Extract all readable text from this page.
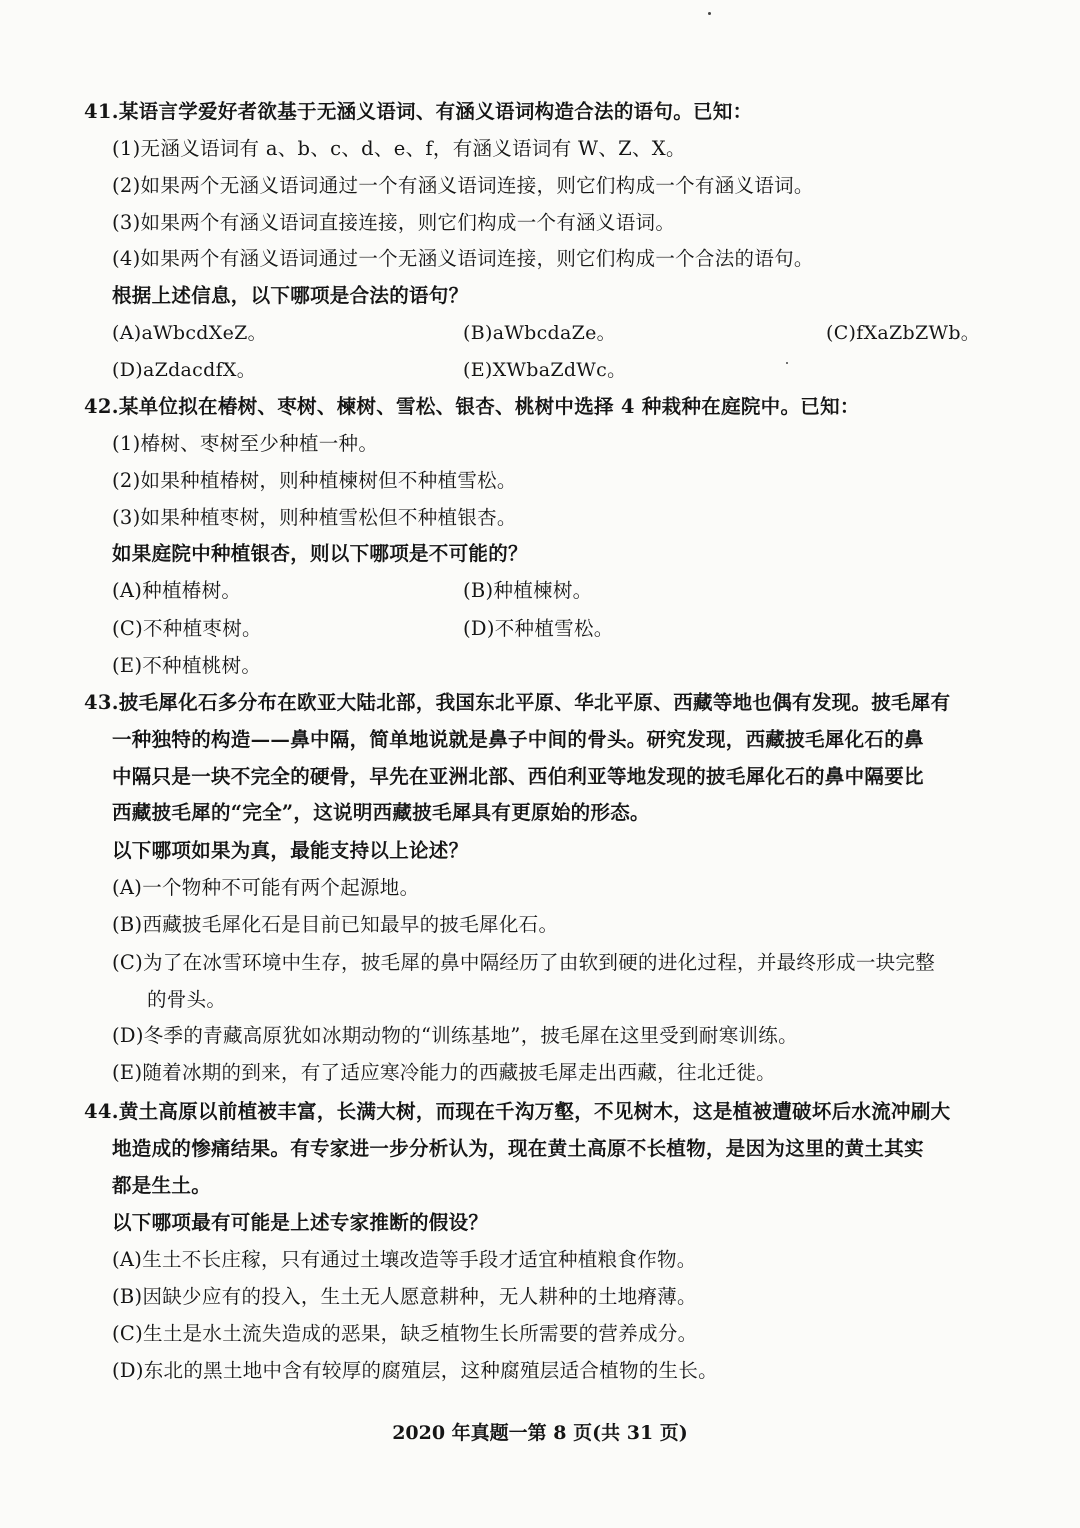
41.某语言学爱好者欲基于无涵义语词、有涵义语词构造合法的语句。已知：
(1)无涵义语词有 a、b、c、d、e、f，有涵义语词有 W、Z、X。
(2)如果两个无涵义语词通过一个有涵义语词连接，则它们构成一个有涵义语词。
(3)如果两个有涵义语词直接连接，则它们构成一个有涵义语词。
(4)如果两个有涵义语词通过一个无涵义语词连接，则它们构成一个合法的语句。
根据上述信息，以下哪项是合法的语句？
(A)aWbcdXeZ。	(B)aWbcdaZe。	(C)fXaZbZWb。
(D)aZdacdfX。	(E)XWbaZdWc。
42.某单位拟在椿树、枣树、楝树、雪松、银杏、桃树中选择 4 种栽种在庭院中。已知：
(1)椿树、枣树至少种植一种。
(2)如果种植椿树，则种植楝树但不种植雪松。
(3)如果种植枣树，则种植雪松但不种植银杏。
如果庭院中种植银杏，则以下哪项是不可能的？
(A)种植椿树。	(B)种植楝树。
(C)不种植枣树。	(D)不种植雪松。
(E)不种植桃树。
43.披毛犀化石多分布在欧亚大陆北部，我国东北平原、华北平原、西藏等地也偶有发现。披毛犀有
一种独特的构造——鼻中隔，简单地说就是鼻子中间的骨头。研究发现，西藏披毛犀化石的鼻
中隔只是一块不完全的硬骨，早先在亚洲北部、西伯利亚等地发现的披毛犀化石的鼻中隔要比
西藏披毛犀的“完全”，这说明西藏披毛犀具有更原始的形态。
以下哪项如果为真，最能支持以上论述？
(A)一个物种不可能有两个起源地。
(B)西藏披毛犀化石是目前已知最早的披毛犀化石。
(C)为了在冰雪环境中生存，披毛犀的鼻中隔经历了由软到硬的进化过程，并最终形成一块完整
的骨头。
(D)冬季的青藏高原犹如冰期动物的“训练基地”，披毛犀在这里受到耐寒训练。
(E)随着冰期的到来，有了适应寒冷能力的西藏披毛犀走出西藏，往北迁徙。
44.黄土高原以前植被丰富，长满大树，而现在千沟万壑，不见树木，这是植被遭破坏后水流冲刷大
地造成的惨痛结果。有专家进一步分析认为，现在黄土高原不长植物，是因为这里的黄土其实
都是生土。
以下哪项最有可能是上述专家推断的假设？
(A)生土不长庄稼，只有通过土壤改造等手段才适宜种植粮食作物。
(B)因缺少应有的投入，生土无人愿意耕种，无人耕种的土地瘠薄。
(C)生土是水土流失造成的恶果，缺乏植物生长所需要的营养成分。
(D)东北的黑土地中含有较厚的腐殖层，这种腐殖层适合植物的生长。
2020 年真题一第 8 页(共 31 页)
